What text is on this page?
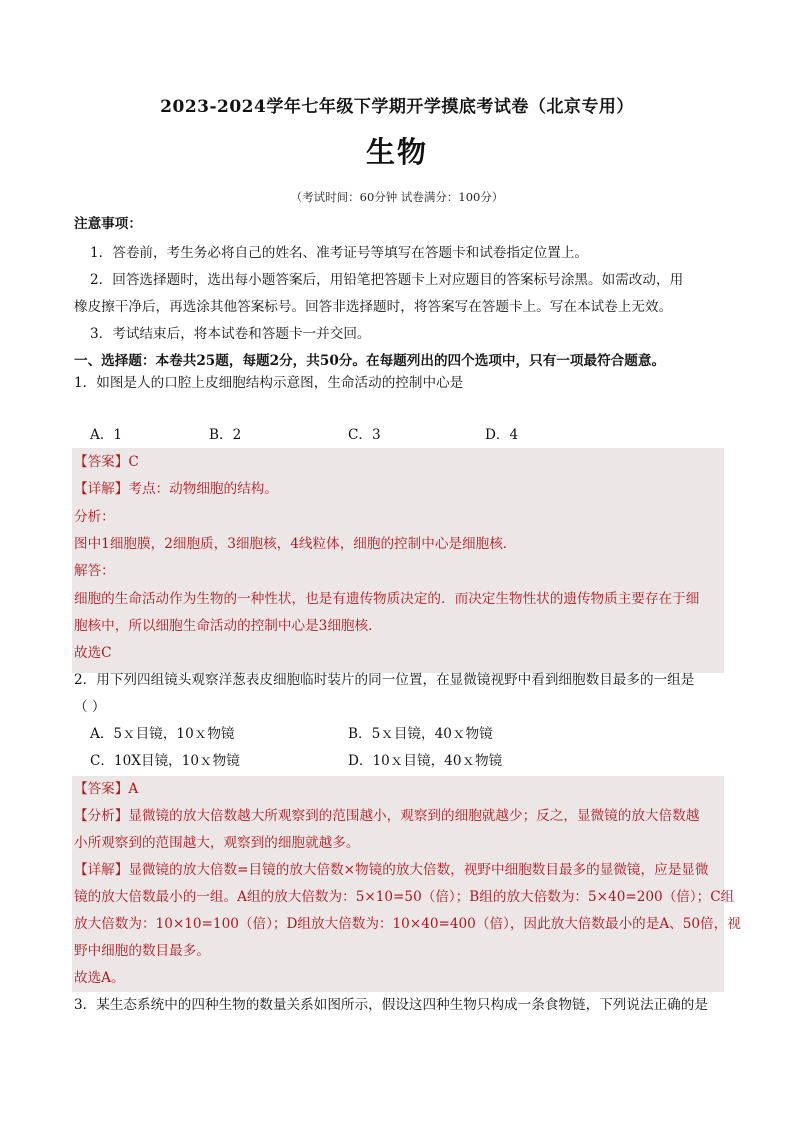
2023-2024学年七年级下学期开学摸底考试卷（北京专用）
生物
（考试时间：60分钟 试卷满分：100分）
注意事项：
1．答卷前，考生务必将自己的姓名、准考证号等填写在答题卡和试卷指定位置上。
2．回答选择题时，选出每小题答案后，用铅笔把答题卡上对应题目的答案标号涂黑。如需改动，用
橡皮擦干净后，再选涂其他答案标号。回答非选择题时，将答案写在答题卡上。写在本试卷上无效。
3．考试结束后，将本试卷和答题卡一并交回。
一、选择题：本卷共25题，每题2分，共50分。在每题列出的四个选项中，只有一项最符合题意。
1．如图是人的口腔上皮细胞结构示意图，生命活动的控制中心是
A．1	B．2	C．3	D．4
【答案】C
【详解】考点：动物细胞的结构。
分析：
图中1细胞膜，2细胞质，3细胞核，4线粒体，细胞的控制中心是细胞核．
解答：
细胞的生命活动作为生物的一种性状，也是有遗传物质决定的．而决定生物性状的遗传物质主要存在于细
胞核中，所以细胞生命活动的控制中心是3细胞核．
故选C
2．用下列四组镜头观察洋葱表皮细胞临时装片的同一位置，在显微镜视野中看到细胞数目最多的一组是
（ ）
A．5ｘ目镜，10ｘ物镜	B．5ｘ目镜，40ｘ物镜
C．10X目镜，10ｘ物镜	D．10ｘ目镜，40ｘ物镜
【答案】A
【分析】显微镜的放大倍数越大所观察到的范围越小，观察到的细胞就越少；反之，显微镜的放大倍数越
小所观察到的范围越大，观察到的细胞就越多。
【详解】显微镜的放大倍数=目镜的放大倍数×物镜的放大倍数，视野中细胞数目最多的显微镜，应是显微
镜的放大倍数最小的一组。A组的放大倍数为：5×10=50（倍）；B组的放大倍数为：5×40=200（倍）；C组
放大倍数为：10×10=100（倍）；D组放大倍数为：10×40=400（倍），因此放大倍数最小的是A、50倍，视
野中细胞的数目最多。
故选A。
3．某生态系统中的四种生物的数量关系如图所示，假设这四种生物只构成一条食物链，下列说法正确的是
